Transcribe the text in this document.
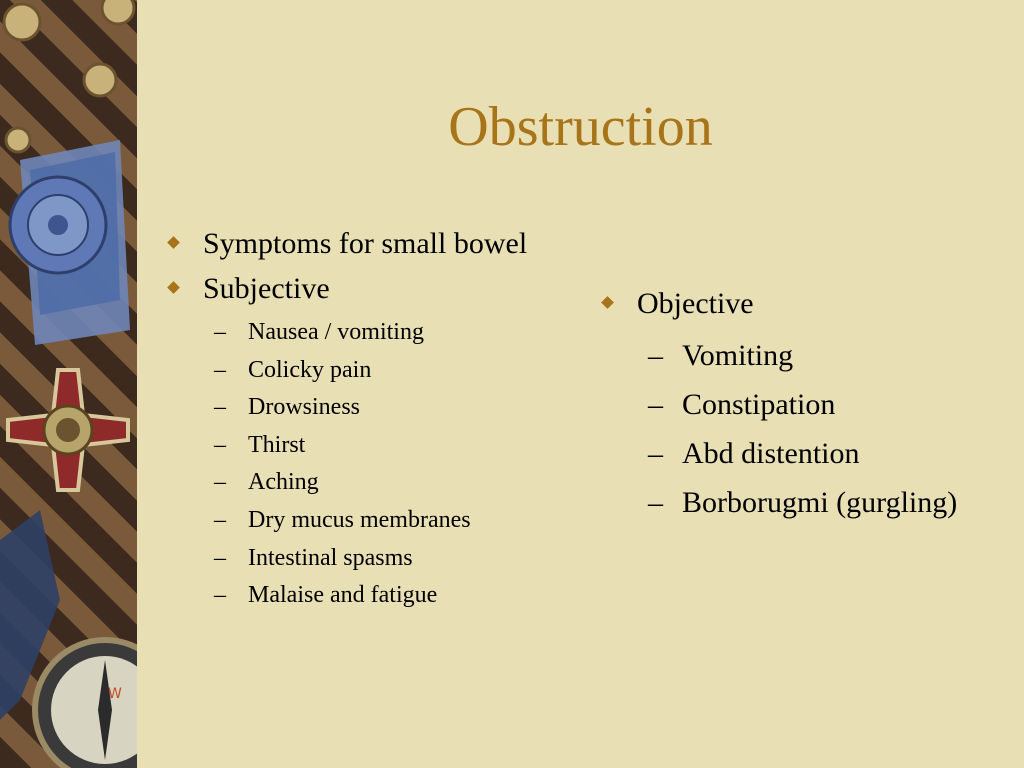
W
Obstruction
Symptoms for small bowel
Subjective
– Nausea / vomiting
– Colicky pain
– Drowsiness
– Thirst
– Aching
– Dry mucus membranes
– Intestinal spasms
– Malaise and fatigue
Objective
– Vomiting
– Constipation
– Abd distention
– Borborugmi (gurgling)
